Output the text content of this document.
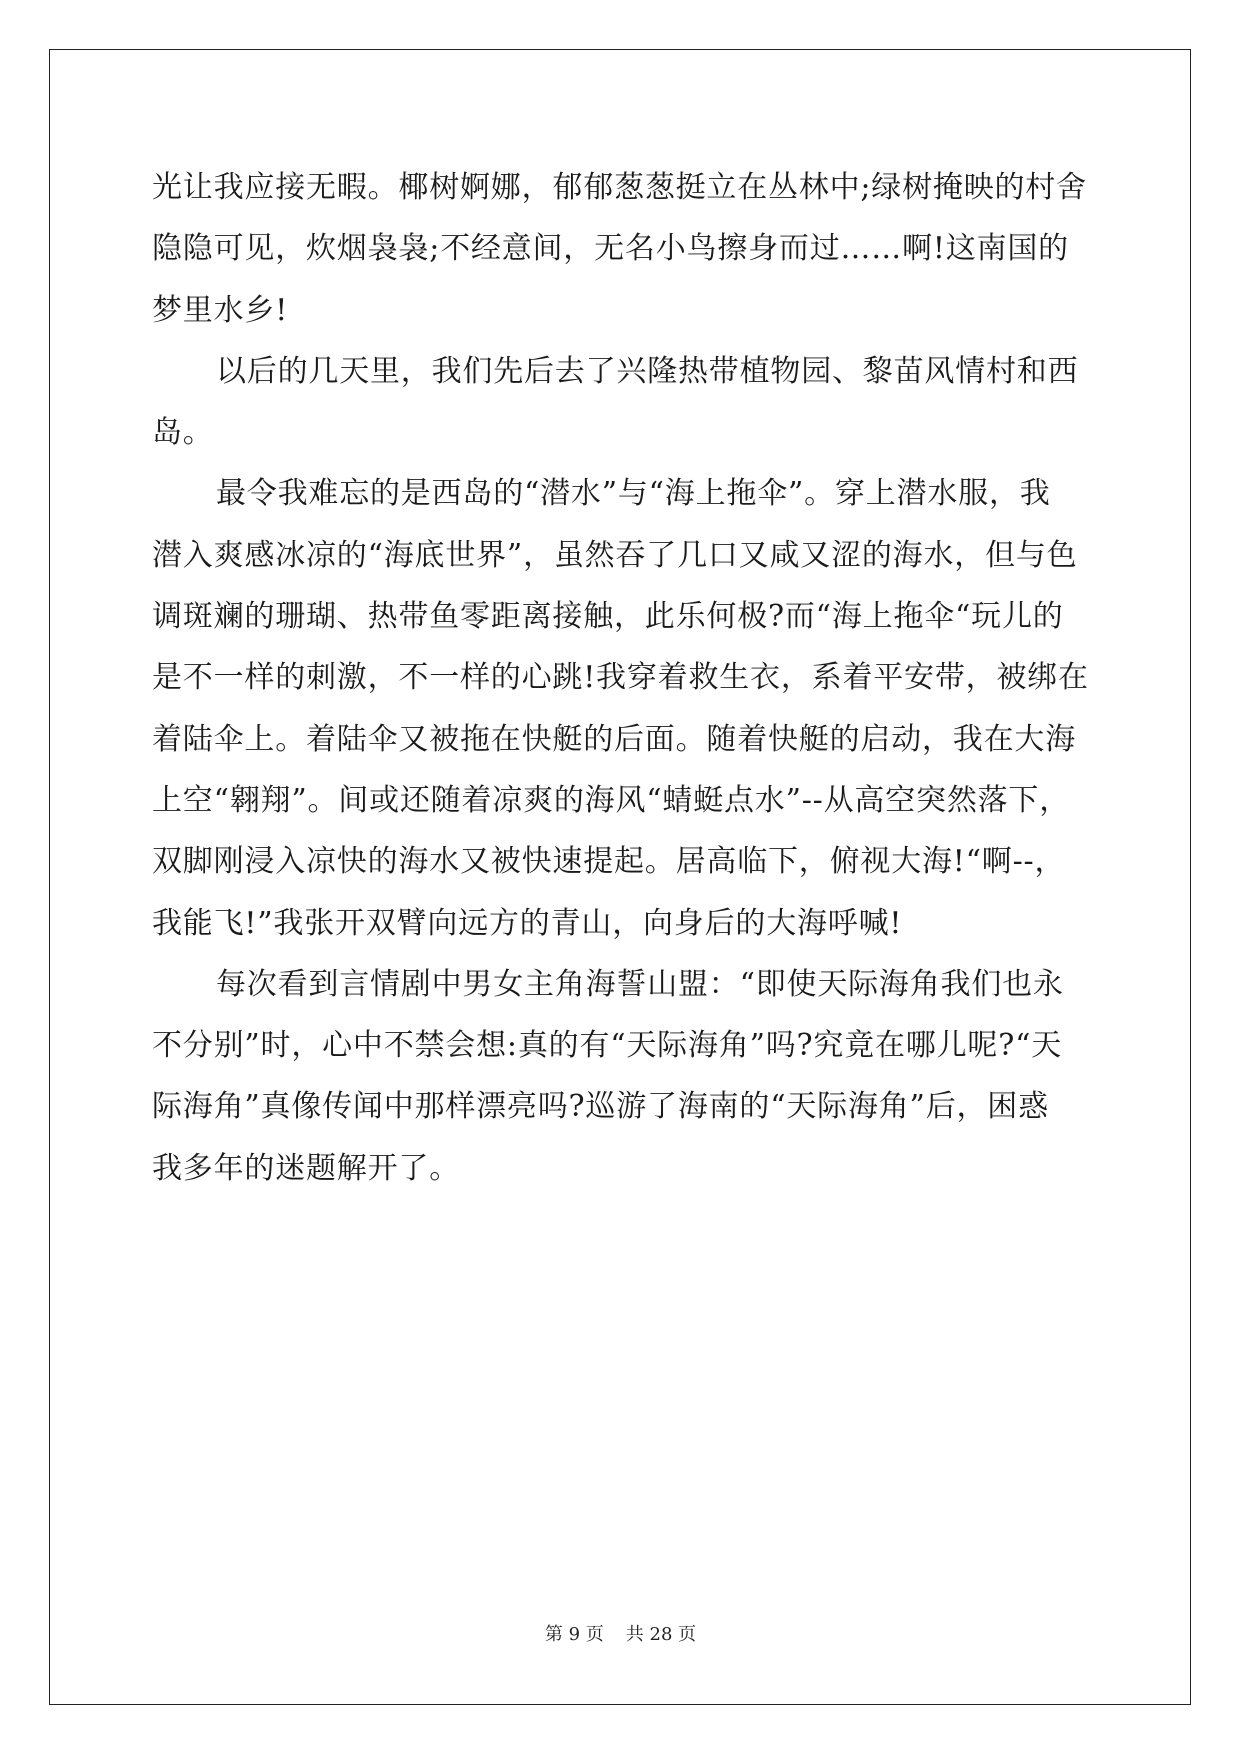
光让我应接无暇。椰树婀娜，郁郁葱葱挺立在丛林中;绿树掩映的村舍
隐隐可见，炊烟袅袅;不经意间，无名小鸟擦身而过……啊!这南国的
梦里水乡!
以后的几天里，我们先后去了兴隆热带植物园、黎苗风情村和西
岛。
最令我难忘的是西岛的“潜水”与“海上拖伞”。穿上潜水服，我
潜入爽感冰凉的“海底世界”，虽然吞了几口又咸又涩的海水，但与色
调斑斓的珊瑚、热带鱼零距离接触，此乐何极?而“海上拖伞“玩儿的
是不一样的刺激，不一样的心跳!我穿着救生衣，系着平安带，被绑在
着陆伞上。着陆伞又被拖在快艇的后面。随着快艇的启动，我在大海
上空“翱翔”。间或还随着凉爽的海风“蜻蜓点水”--从高空突然落下，
双脚刚浸入凉快的海水又被快速提起。居高临下，俯视大海!“啊--，
我能飞!”我张开双臂向远方的青山，向身后的大海呼喊!
每次看到言情剧中男女主角海誓山盟：“即使天际海角我们也永
不分别”时，心中不禁会想:真的有“天际海角”吗?究竟在哪儿呢?“天
际海角”真像传闻中那样漂亮吗?巡游了海南的“天际海角”后，困惑
我多年的迷题解开了。
第 9 页 共 28 页
